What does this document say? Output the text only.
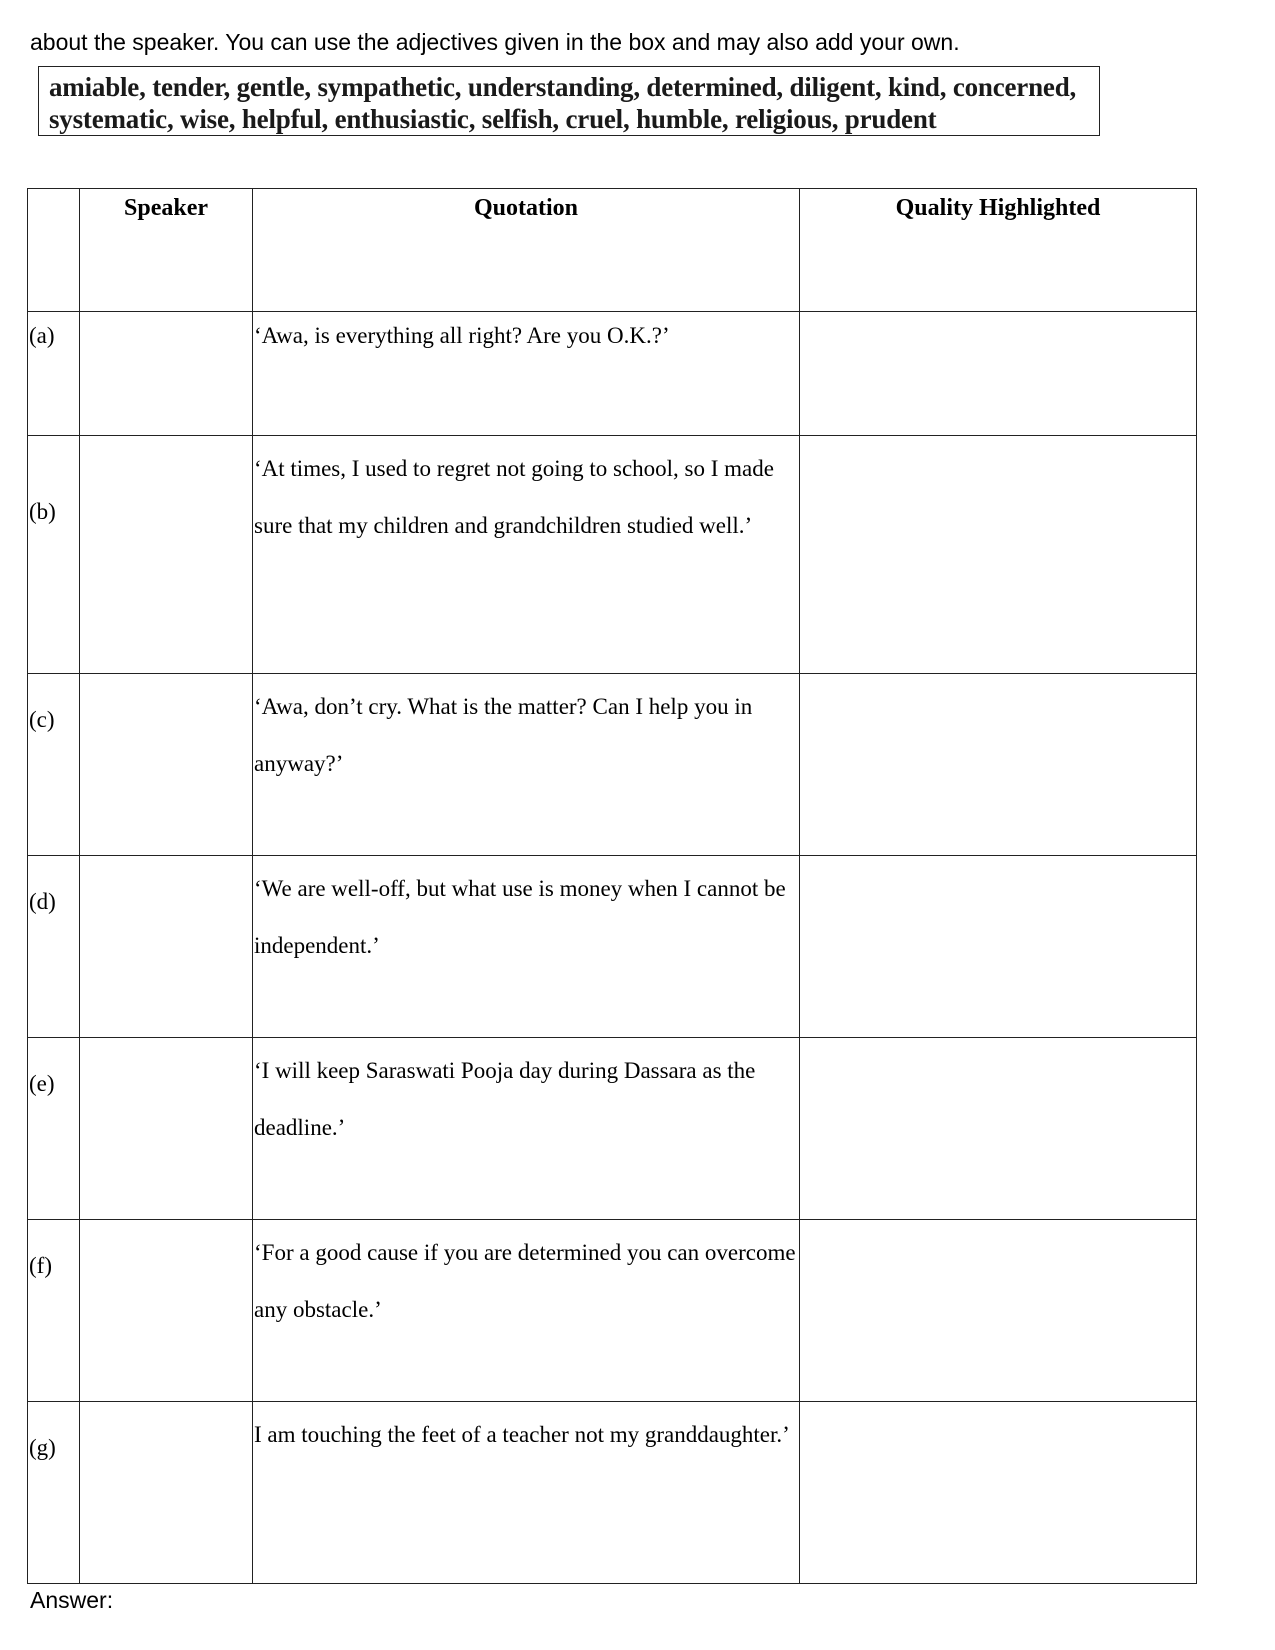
about the speaker. You can use the adjectives given in the box and may also add your own.
amiable, tender, gentle, sympathetic, understanding, determined, diligent, kind, concerned,
systematic, wise, helpful, enthusiastic, selfish, cruel, humble, religious, prudent
	Speaker	Quotation	Quality Highlighted
(a)		‘Awa, is everything all right? Are you O.K.?’	

(b)		‘At times, I used to regret not going to school, so I made sure that my children and grandchildren studied well.’	

(c)		‘Awa, don’t cry. What is the matter? Can I help you in anyway?’	

(d)		‘We are well-off, but what use is money when I cannot be independent.’	

(e)		‘I will keep Saraswati Pooja day during Dassara as the deadline.’	

(f)		‘For a good cause if you are determined you can overcome any obstacle.’	

(g)		I am touching the feet of a teacher not my granddaughter.’	

Answer:
